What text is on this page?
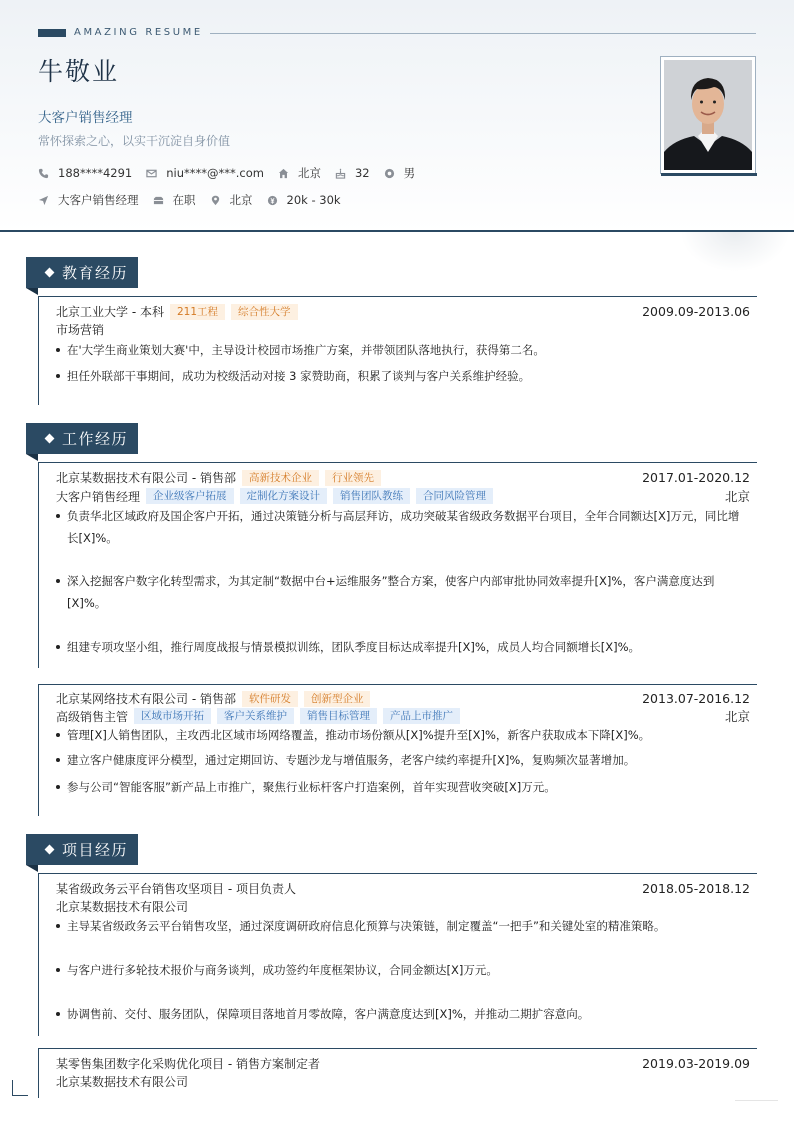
AMAZING RESUME
牛敬业
大客户销售经理
常怀探索之心，以实干沉淀自身价值
188****4291	niu****@***.com	北京	32	男
大客户销售经理	在职	北京	20k - 30k
教育经历
北京工业大学 - 本科	211工程	综合性大学	2009.09-2013.06
市场营销
在'大学生商业策划大赛'中，主导设计校园市场推广方案，并带领团队落地执行，获得第二名。
担任外联部干事期间，成功为校级活动对接 3 家赞助商，积累了谈判与客户关系维护经验。
工作经历
北京某数据技术有限公司 - 销售部	高新技术企业	行业领先	2017.01-2020.12
大客户销售经理	企业级客户拓展	定制化方案设计	销售团队教练	合同风险管理	北京
负责华北区域政府及国企客户开拓，通过决策链分析与高层拜访，成功突破某省级政务数据平台项目，全年合同额达[X]万元，同比增长[X]%。
深入挖掘客户数字化转型需求，为其定制“数据中台+运维服务”整合方案，使客户内部审批协同效率提升[X]%，客户满意度达到[X]%。
组建专项攻坚小组，推行周度战报与情景模拟训练，团队季度目标达成率提升[X]%，成员人均合同额增长[X]%。
北京某网络技术有限公司 - 销售部	软件研发	创新型企业	2013.07-2016.12
高级销售主管	区域市场开拓	客户关系维护	销售目标管理	产品上市推广	北京
管理[X]人销售团队，主攻西北区域市场网络覆盖，推动市场份额从[X]%提升至[X]%，新客户获取成本下降[X]%。
建立客户健康度评分模型，通过定期回访、专题沙龙与增值服务，老客户续约率提升[X]%，复购频次显著增加。
参与公司“智能客服”新产品上市推广，聚焦行业标杆客户打造案例，首年实现营收突破[X]万元。
项目经历
某省级政务云平台销售攻坚项目 - 项目负责人	2018.05-2018.12
北京某数据技术有限公司
主导某省级政务云平台销售攻坚，通过深度调研政府信息化预算与决策链，制定覆盖“一把手”和关键处室的精准策略。
与客户进行多轮技术报价与商务谈判，成功签约年度框架协议，合同金额达[X]万元。
协调售前、交付、服务团队，保障项目落地首月零故障，客户满意度达到[X]%，并推动二期扩容意向。
某零售集团数字化采购优化项目 - 销售方案制定者	2019.03-2019.09
北京某数据技术有限公司
